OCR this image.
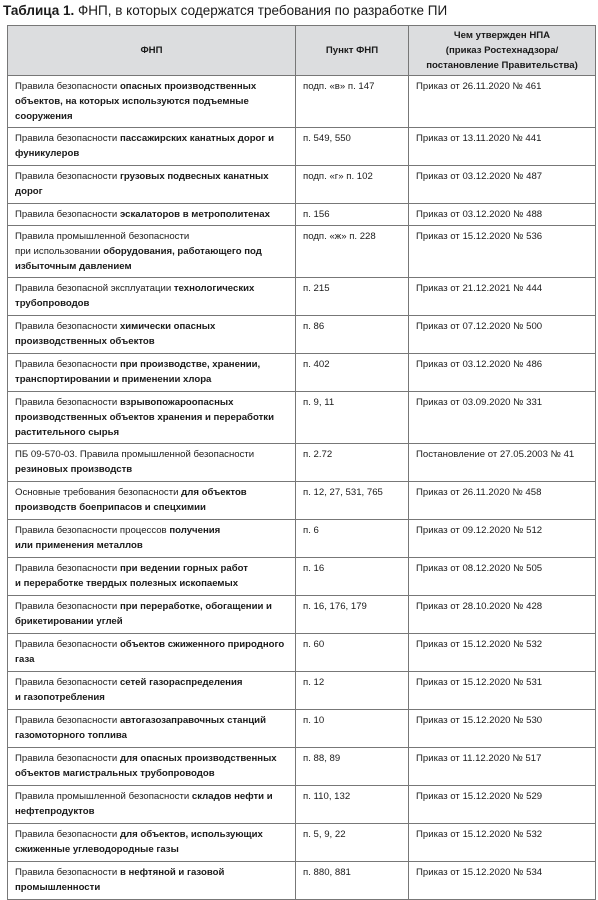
Таблица 1. ФНП, в которых содержатся требования по разработке ПИ
ФНП	Пункт ФНП	Чем утвержден НПА
(приказ Ростехнадзора/
постановление Правительства)
Правила безопасности опасных производственных объектов, на которых используются подъемные сооружения	подп. «в» п. 147	Приказ от 26.11.2020 № 461
Правила безопасности пассажирских канатных дорог и фуникулеров	п. 549, 550	Приказ от 13.11.2020 № 441
Правила безопасности грузовых подвесных канатных дорог	подп. «г» п. 102	Приказ от 03.12.2020 № 487
Правила безопасности эскалаторов в метрополитенах	п. 156	Приказ от 03.12.2020 № 488
Правила промышленной безопасности
при использовании оборудования, работающего под избыточным давлением	подп. «ж» п. 228	Приказ от 15.12.2020 № 536
Правила безопасной эксплуатации технологических трубопроводов	п. 215	Приказ от 21.12.2021 № 444
Правила безопасности химически опасных производственных объектов	п. 86	Приказ от 07.12.2020 № 500
Правила безопасности при производстве, хранении, транспортировании и применении хлора	п. 402	Приказ от 03.12.2020 № 486
Правила безопасности взрывопожароопасных производственных объектов хранения и переработки растительного сырья	п. 9, 11	Приказ от 03.09.2020 № 331
ПБ 09-570-03. Правила промышленной безопасности резиновых производств	п. 2.72	Постановление от 27.05.2003 № 41
Основные требования безопасности для объектов производств боеприпасов и спецхимии	п. 12, 27, 531, 765	Приказ от 26.11.2020 № 458
Правила безопасности процессов получения
или применения металлов	п. 6	Приказ от 09.12.2020 № 512
Правила безопасности при ведении горных работ
и переработке твердых полезных ископаемых	п. 16	Приказ от 08.12.2020 № 505
Правила безопасности при переработке, обогащении и брикетировании углей	п. 16, 176, 179	Приказ от 28.10.2020 № 428
Правила безопасности объектов сжиженного природного газа	п. 60	Приказ от 15.12.2020 № 532
Правила безопасности сетей газораспределения
и газопотребления	п. 12	Приказ от 15.12.2020 № 531
Правила безопасности автогазозаправочных станций газомоторного топлива	п. 10	Приказ от 15.12.2020 № 530
Правила безопасности для опасных производственных объектов магистральных трубопроводов	п. 88, 89	Приказ от 11.12.2020 № 517
Правила промышленной безопасности складов нефти и нефтепродуктов	п. 110, 132	Приказ от 15.12.2020 № 529
Правила безопасности для объектов, использующих сжиженные углеводородные газы	п. 5, 9, 22	Приказ от 15.12.2020 № 532
Правила безопасности в нефтяной и газовой промышленности	п. 880, 881	Приказ от 15.12.2020 № 534
